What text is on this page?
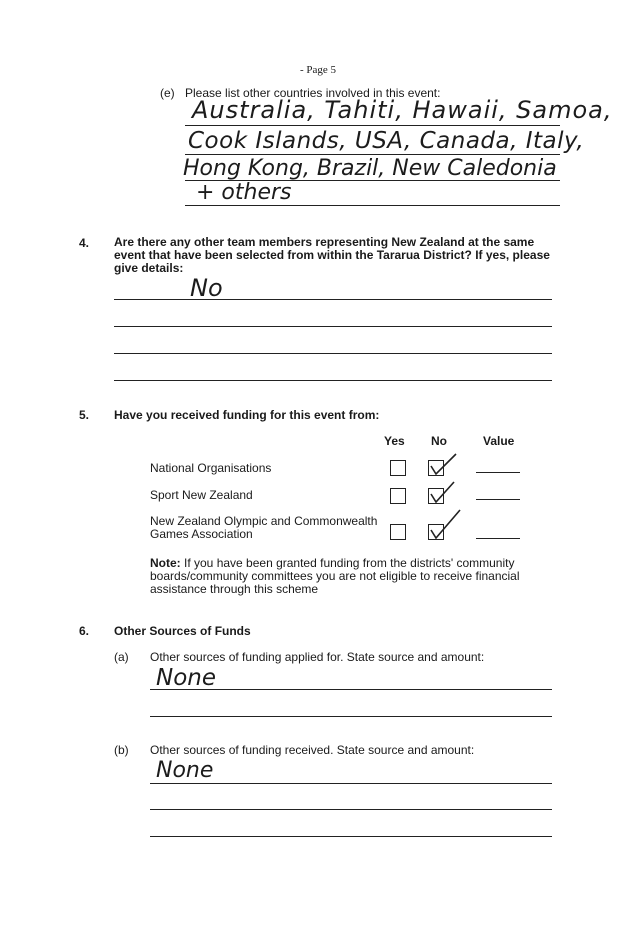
- Page 5
(e) Please list other countries involved in this event:
Australia, Tahiti, Hawaii, Samoa,
Cook Islands, USA, Canada, Italy,
Hong Kong, Brazil, New Caledonia
+ others
4. Are there any other team members representing New Zealand at the same event that have been selected from within the Tararua District? If yes, please give details:
No
5. Have you received funding for this event from:
Yes No	Value
National Organisations
Sport New Zealand
New Zealand Olympic and Commonwealth Games Association
Note: If you have been granted funding from the districts' community boards/community committees you are not eligible to receive financial assistance through this scheme
6. Other Sources of Funds
(a) Other sources of funding applied for. State source and amount:
None
(b) Other sources of funding received. State source and amount:
None
